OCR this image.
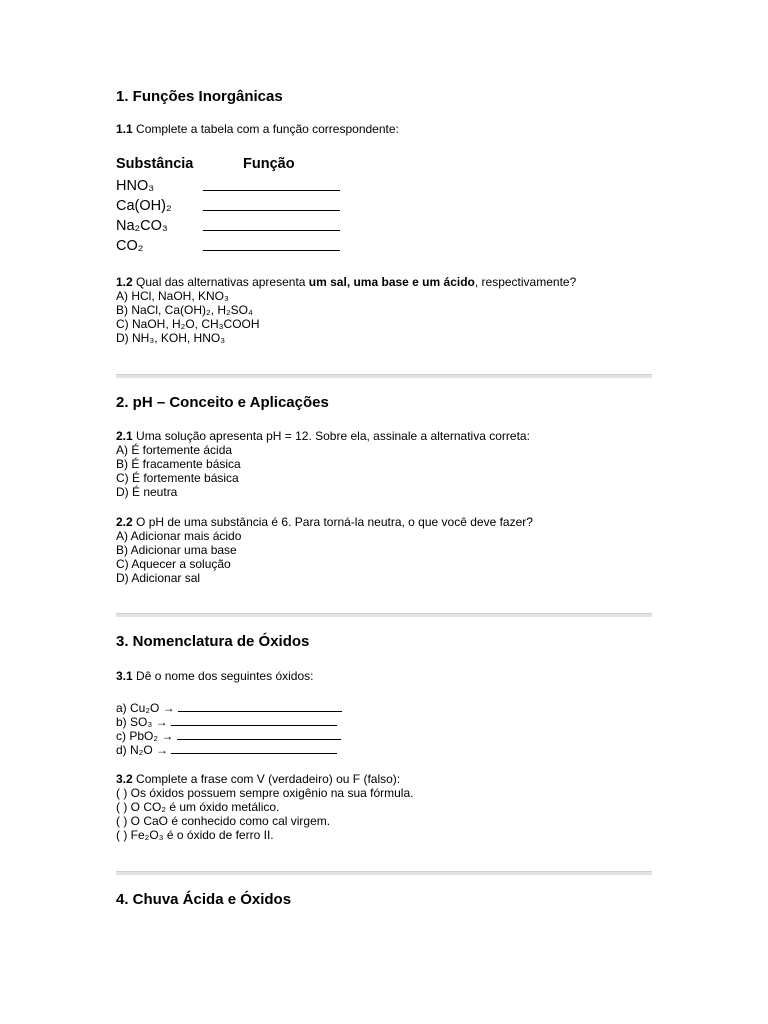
1. Funções Inorgânicas
1.1 Complete a tabela com a função correspondente:
Substância	Função
HNO₃
Ca(OH)₂
Na₂CO₃
CO₂
1.2 Qual das alternativas apresenta um sal, uma base e um ácido, respectivamente?
A) HCl, NaOH, KNO₃
B) NaCl, Ca(OH)₂, H₂SO₄
C) NaOH, H₂O, CH₃COOH
D) NH₃, KOH, HNO₃
2. pH – Conceito e Aplicações
2.1 Uma solução apresenta pH = 12. Sobre ela, assinale a alternativa correta:
A) É fortemente ácida
B) É fracamente básica
C) É fortemente básica
D) É neutra
2.2 O pH de uma substância é 6. Para torná-la neutra, o que você deve fazer?
A) Adicionar mais ácido
B) Adicionar uma base
C) Aquecer a solução
D) Adicionar sal
3. Nomenclatura de Óxidos
3.1 Dê o nome dos seguintes óxidos:
a) Cu₂O →
b) SO₃ →
c) PbO₂ →
d) N₂O →
3.2 Complete a frase com V (verdadeiro) ou F (falso):
( ) Os óxidos possuem sempre oxigênio na sua fórmula.
( ) O CO₂ é um óxido metálico.
( ) O CaO é conhecido como cal virgem.
( ) Fe₂O₃ é o óxido de ferro II.
4. Chuva Ácida e Óxidos
